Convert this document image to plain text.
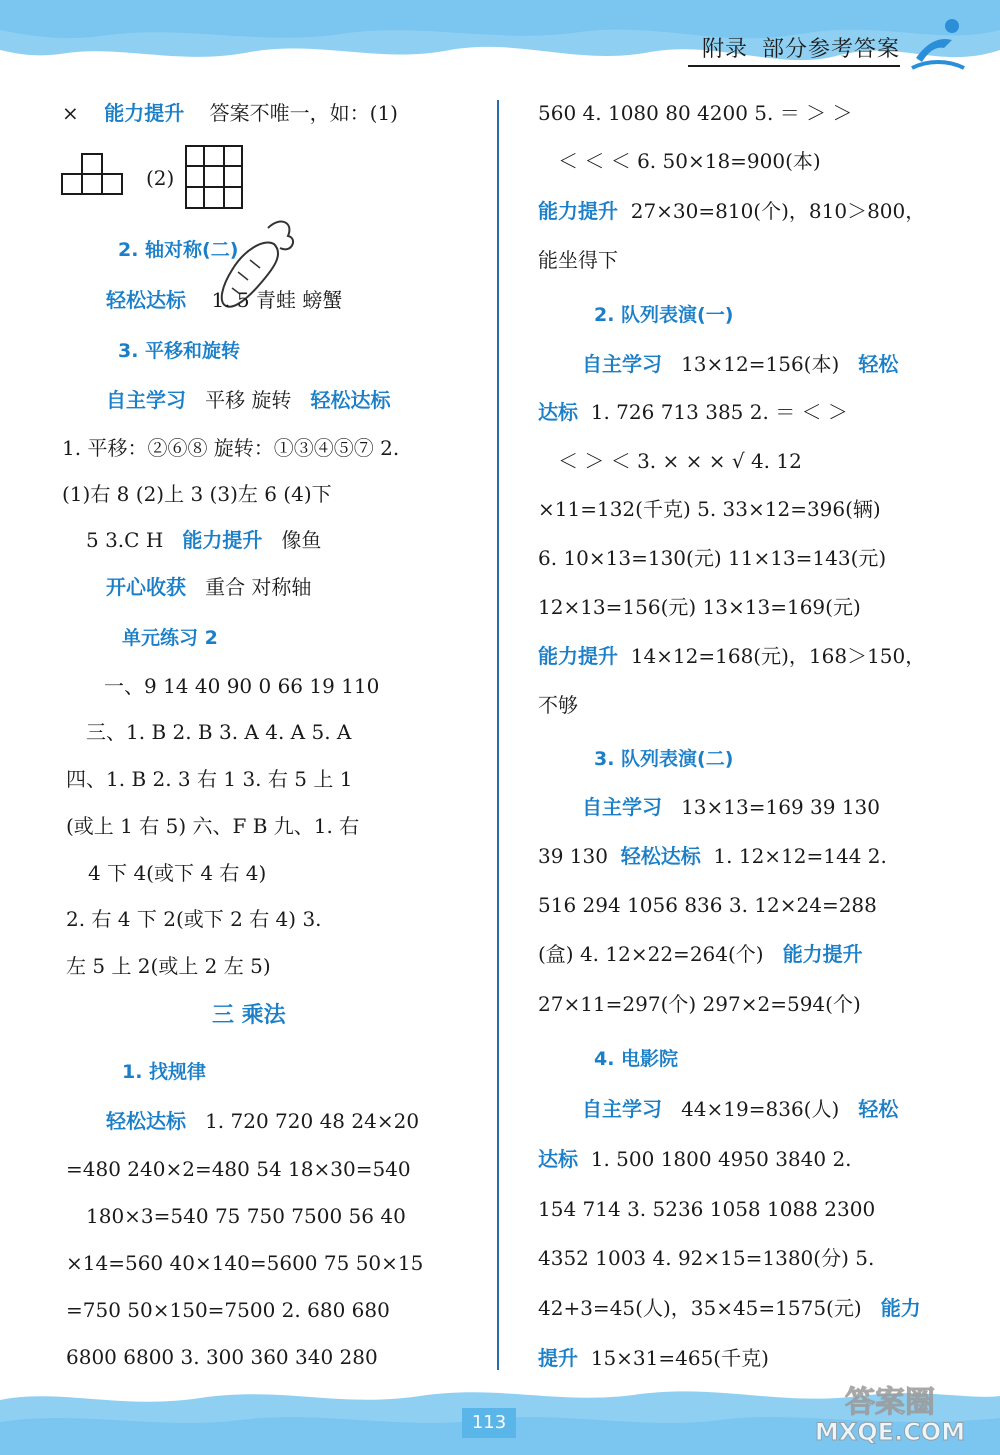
附录 部分参考答案
× 能力提升 答案不唯一，如：(1)
(2)
2. 轴对称(二)
轻松达标 1. 5 青蛙 螃蟹
3. 平移和旋转
自主学习 平移 旋转 轻松达标
1. 平移：②⑥⑧ 旋转：①③④⑤⑦ 2.
(1)右 8 (2)上 3 (3)左 6 (4)下
5 3.C H 能力提升 像鱼
开心收获 重合 对称轴
单元练习 2
一、9 14 40 90 0 66 19 110
三、1. B 2. B 3. A 4. A 5. A
四、1. B 2. 3 右 1 3. 右 5 上 1
(或上 1 右 5) 六、F B 九、1. 右
4 下 4(或下 4 右 4)
2. 右 4 下 2(或下 2 右 4) 3.
左 5 上 2(或上 2 左 5)
三 乘法
1. 找规律
轻松达标 1. 720 720 48 24×20
=480 240×2=480 54 18×30=540
180×3=540 75 750 7500 56 40
×14=560 40×140=5600 75 50×15
=750 50×150=7500 2. 680 680
6800 6800 3. 300 360 340 280
560 4. 1080 80 4200 5. ＝ ＞ ＞
＜ ＜ ＜ 6. 50×18=900(本)
能力提升 27×30=810(个)，810＞800，
能坐得下
2. 队列表演(一)
自主学习 13×12=156(本) 轻松
达标 1. 726 713 385 2. ＝ ＜ ＞
＜ ＞ ＜ 3. × × × √ 4. 12
×11=132(千克) 5. 33×12=396(辆)
6. 10×13=130(元) 11×13=143(元)
12×13=156(元) 13×13=169(元)
能力提升 14×12=168(元)，168＞150，
不够
3. 队列表演(二)
自主学习 13×13=169 39 130
39 130 轻松达标 1. 12×12=144 2.
516 294 1056 836 3. 12×24=288
(盒) 4. 12×22=264(个) 能力提升
27×11=297(个) 297×2=594(个)
4. 电影院
自主学习 44×19=836(人) 轻松
达标 1. 500 1800 4950 3840 2.
154 714 3. 5236 1058 1088 2300
4352 1003 4. 92×15=1380(分) 5.
42+3=45(人)，35×45=1575(元) 能力
提升 15×31=465(千克)
113
答案圈
MXQE.COM
